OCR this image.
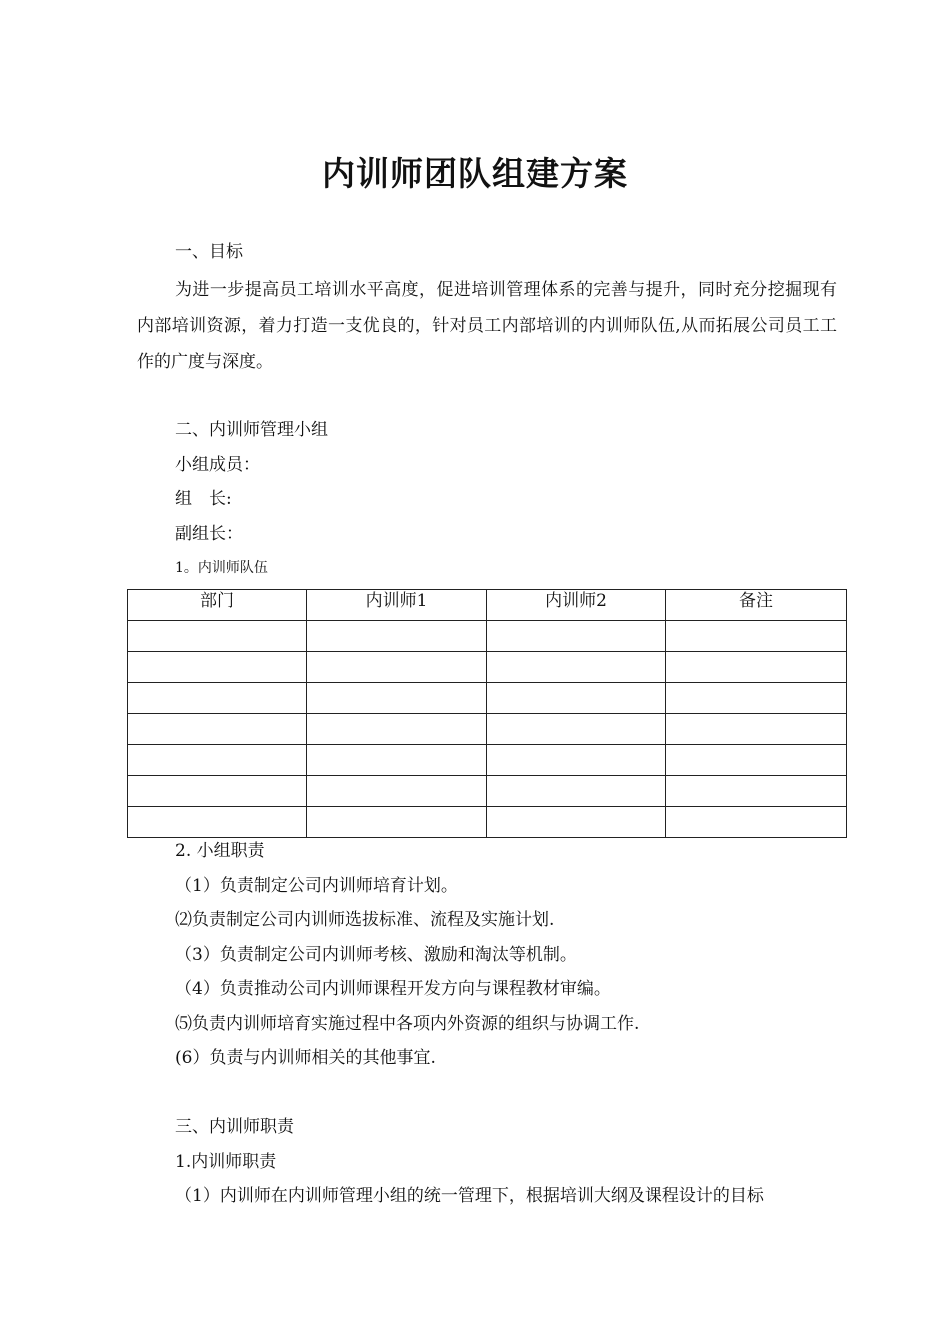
内训师团队组建方案
一、目标

为进一步提高员工培训水平高度，促进培训管理体系的完善与提升，同时充分挖掘现有内部培训资源，着力打造一支优良的，针对员工内部培训的内训师队伍,从而拓展公司员工工作的广度与深度。

二、内训师管理小组
小组成员：
组　长:
副组长：
1。内训师队伍
部门	内训师1	内训师2	备注

2. 小组职责
（1）负责制定公司内训师培育计划。
⑵负责制定公司内训师选拔标准、流程及实施计划.
（3）负责制定公司内训师考核、激励和淘汰等机制。
（4）负责推动公司内训师课程开发方向与课程教材审编。
⑸负责内训师培育实施过程中各项内外资源的组织与协调工作.
(6）负责与内训师相关的其他事宜.
三、内训师职责
1.内训师职责
（1）内训师在内训师管理小组的统一管理下，根据培训大纲及课程设计的目标
